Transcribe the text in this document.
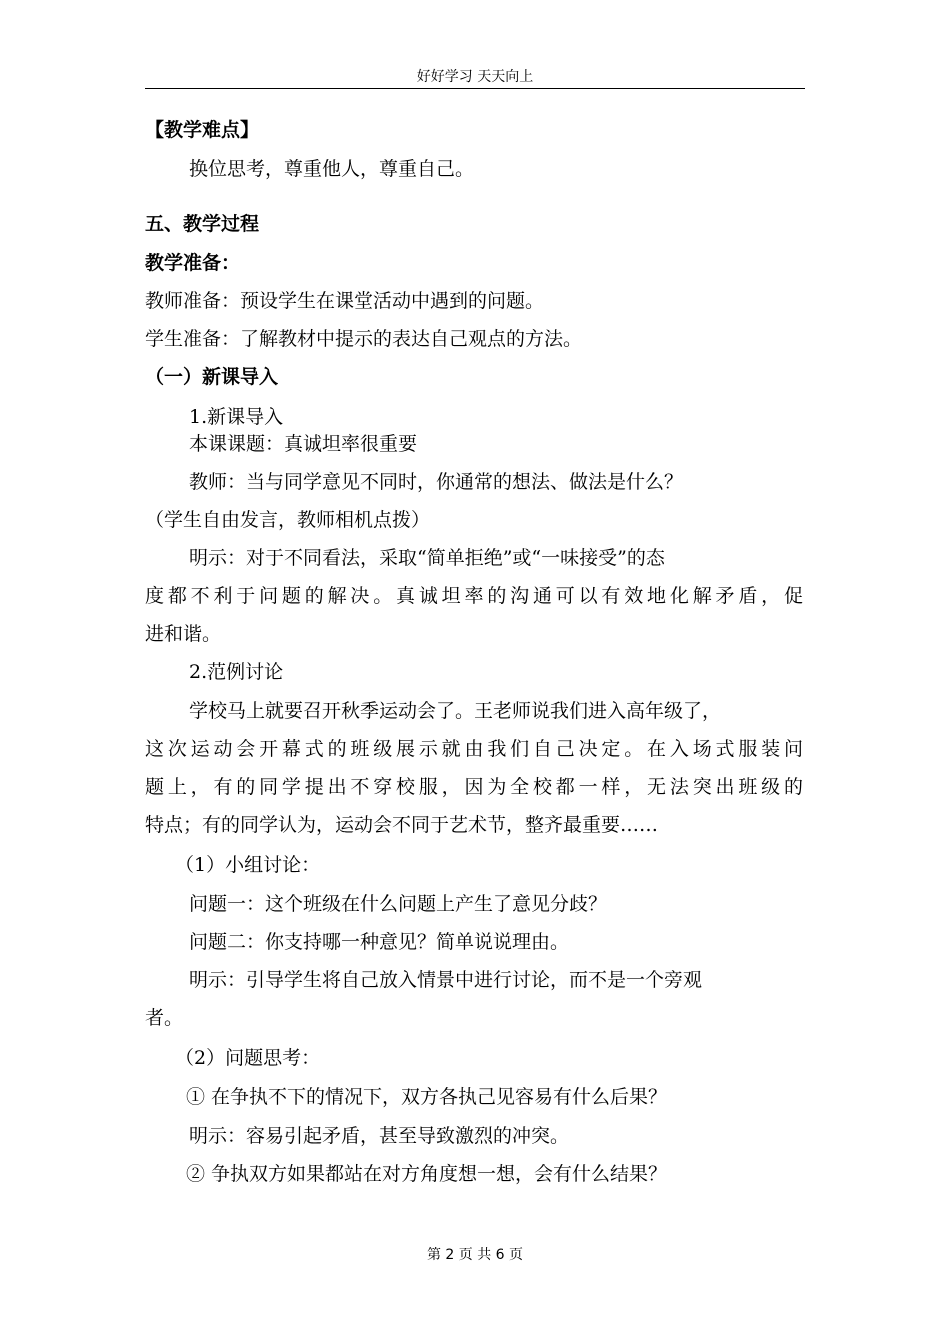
好好学习 天天向上
【教学难点】
换位思考，尊重他人，尊重自己。
五、教学过程
教学准备：
教师准备：预设学生在课堂活动中遇到的问题。
学生准备：了解教材中提示的表达自己观点的方法。
（一）新课导入
1.新课导入
本课课题：真诚坦率很重要
教师：当与同学意见不同时，你通常的想法、做法是什么？
（学生自由发言，教师相机点拨）
明示：对于不同看法，采取“简单拒绝”或“一味接受”的态
度都不利于问题的解决。真诚坦率的沟通可以有效地化解矛盾，促
进和谐。
2.范例讨论
学校马上就要召开秋季运动会了。王老师说我们进入高年级了，
这次运动会开幕式的班级展示就由我们自己决定。在入场式服装问
题上，有的同学提出不穿校服，因为全校都一样，无法突出班级的
特点；有的同学认为，运动会不同于艺术节，整齐最重要……
（1）小组讨论：
问题一：这个班级在什么问题上产生了意见分歧？
问题二：你支持哪一种意见？简单说说理由。
明示：引导学生将自己放入情景中进行讨论，而不是一个旁观
者。
（2）问题思考：
① 在争执不下的情况下，双方各执己见容易有什么后果？
明示：容易引起矛盾，甚至导致激烈的冲突。
② 争执双方如果都站在对方角度想一想，会有什么结果？
第 2 页 共 6 页
